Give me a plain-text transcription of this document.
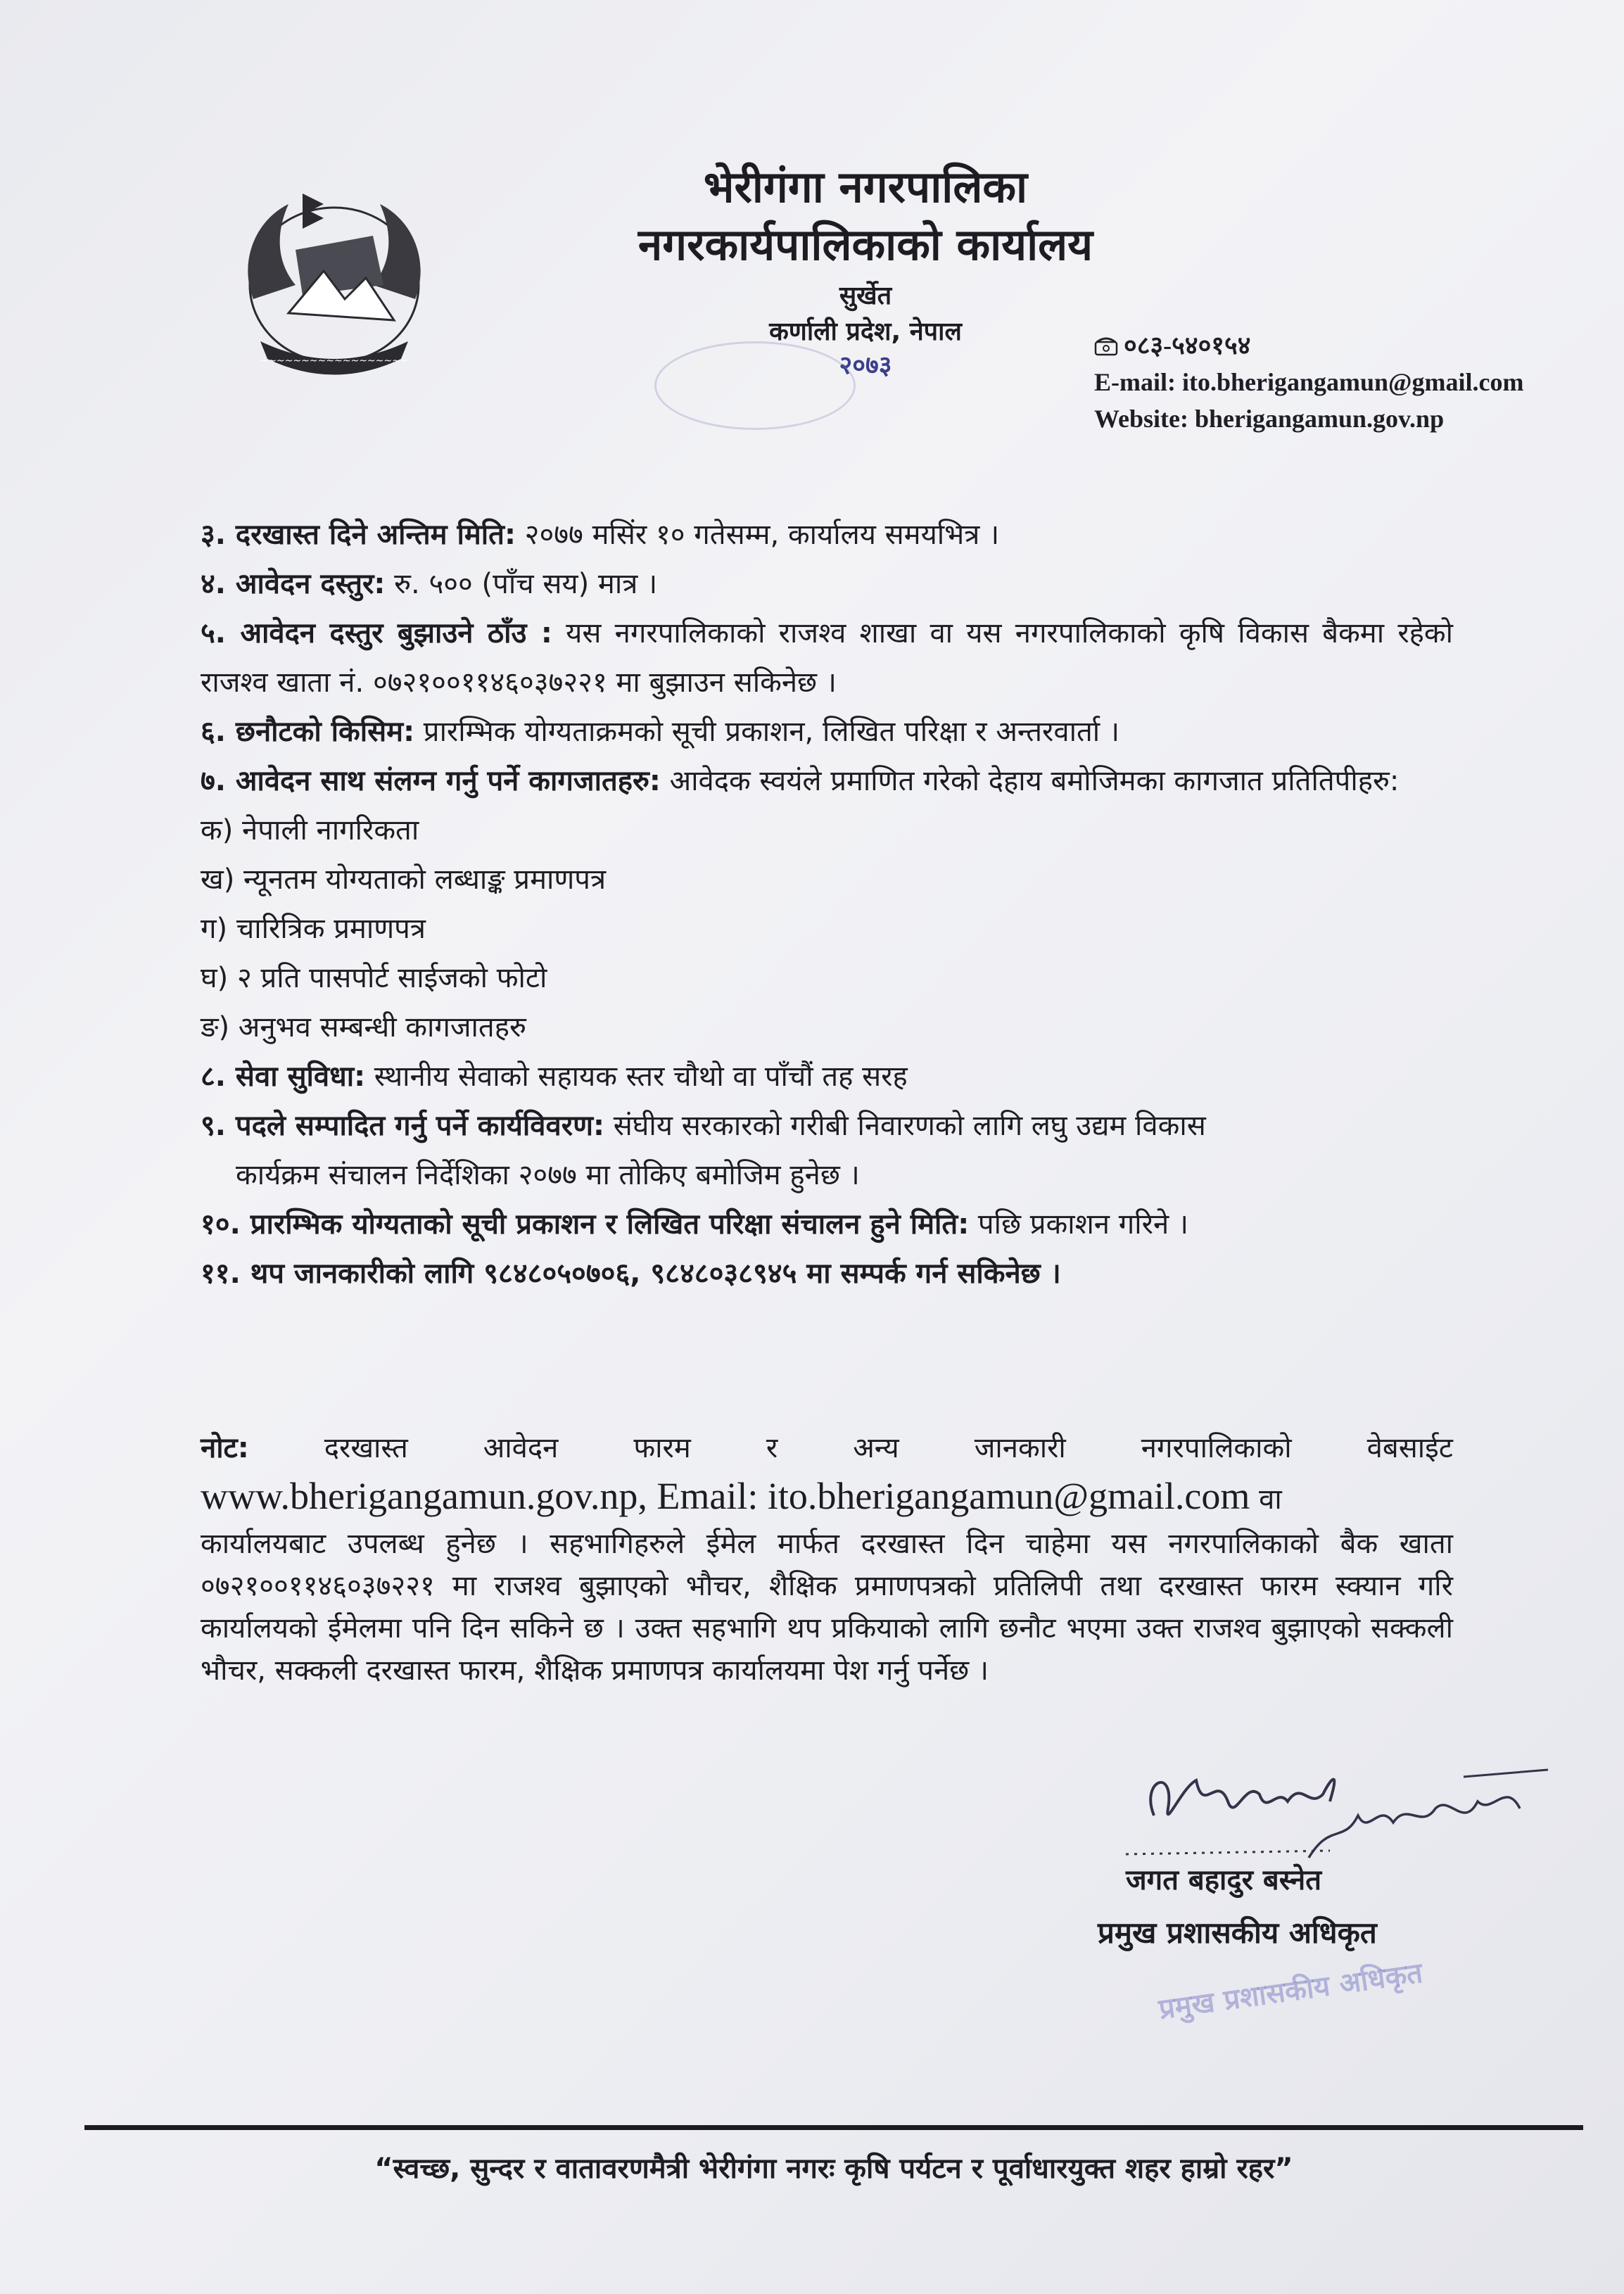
~~~~~~~~~~~~~~~~~~
भेरीगंगा नगरपालिका
नगरकार्यपालिकाको कार्यालय
सुर्खेत
कर्णाली प्रदेश, नेपाल
२०७३
०८३-५४०१५४
E-mail: ito.bherigangamun@gmail.com
Website: bherigangamun.gov.np

३. दरखास्त दिने अन्तिम मिति: २०७७ मसिंर १० गतेसम्म, कार्यालय समयभित्र ।

४. आवेदन दस्तुर: रु. ५०० (पाँच सय) मात्र ।

५. आवेदन दस्तुर बुझाउने ठाँउ : यस नगरपालिकाको राजश्व शाखा वा यस नगरपालिकाको कृषि विकास बैकमा रहेको राजश्व खाता नं. ०७२१००११४६०३७२२१ मा बुझाउन सकिनेछ ।

६. छनौटको किसिम: प्रारम्भिक योग्यताक्रमको सूची प्रकाशन, लिखित परिक्षा र अन्तरवार्ता ।

७. आवेदन साथ संलग्न गर्नु पर्ने कागजातहरु: आवेदक स्वयंले प्रमाणित गरेको देहाय बमोजिमका कागजात प्रतितिपीहरु:

क) नेपाली नागरिकता

ख) न्यूनतम योग्यताको लब्धाङ्क प्रमाणपत्र

ग) चारित्रिक प्रमाणपत्र

घ) २ प्रति पासपोर्ट साईजको फोटो

ङ) अनुभव सम्बन्धी कागजातहरु

८. सेवा सुविधा: स्थानीय सेवाको सहायक स्तर चौथो वा पाँचौं तह सरह

९. पदले सम्पादित गर्नु पर्ने कार्यविवरण: संघीय सरकारको गरीबी निवारणको लागि लघु उद्यम विकास

कार्यक्रम संचालन निर्देशिका २०७७ मा तोकिए बमोजिम हुनेछ ।

१०. प्रारम्भिक योग्यताको सूची प्रकाशन र लिखित परिक्षा संचालन हुने मिति: पछि प्रकाशन गरिने ।

११. थप जानकारीको लागि ९८४८०५०७०६, ९८४८०३८९४५ मा सम्पर्क गर्न सकिनेछ ।

नोट:	दरखास्त	आवेदन	फारम	र	अन्य	जानकारी	नगरपालिकाको	वेबसाईट
www.bherigangamun.gov.np, Email: ito.bherigangamun@gmail.com वा
कार्यालयबाट उपलब्ध हुनेछ । सहभागिहरुले ईमेल मार्फत दरखास्त दिन चाहेमा यस नगरपालिकाको बैक खाता ०७२१००११४६०३७२२१ मा राजश्व बुझाएको भौचर, शैक्षिक प्रमाणपत्रको प्रतिलिपी तथा दरखास्त फारम स्क्यान गरि कार्यालयको ईमेलमा पनि दिन सकिने छ । उक्त सहभागि थप प्रकियाको लागि छनौट भएमा उक्त राजश्व बुझाएको सक्कली भौचर, सक्कली दरखास्त फारम, शैक्षिक प्रमाणपत्र कार्यालयमा पेश गर्नु पर्नेछ ।
जगत बहादुर बस्नेत
प्रमुख प्रशासकीय अधिकृत
प्रमुख प्रशासकीय अधिकृत
“स्वच्छ, सुन्दर र वातावरणमैत्री भेरीगंगा नगरः कृषि पर्यटन र पूर्वाधारयुक्त शहर हाम्रो रहर”
